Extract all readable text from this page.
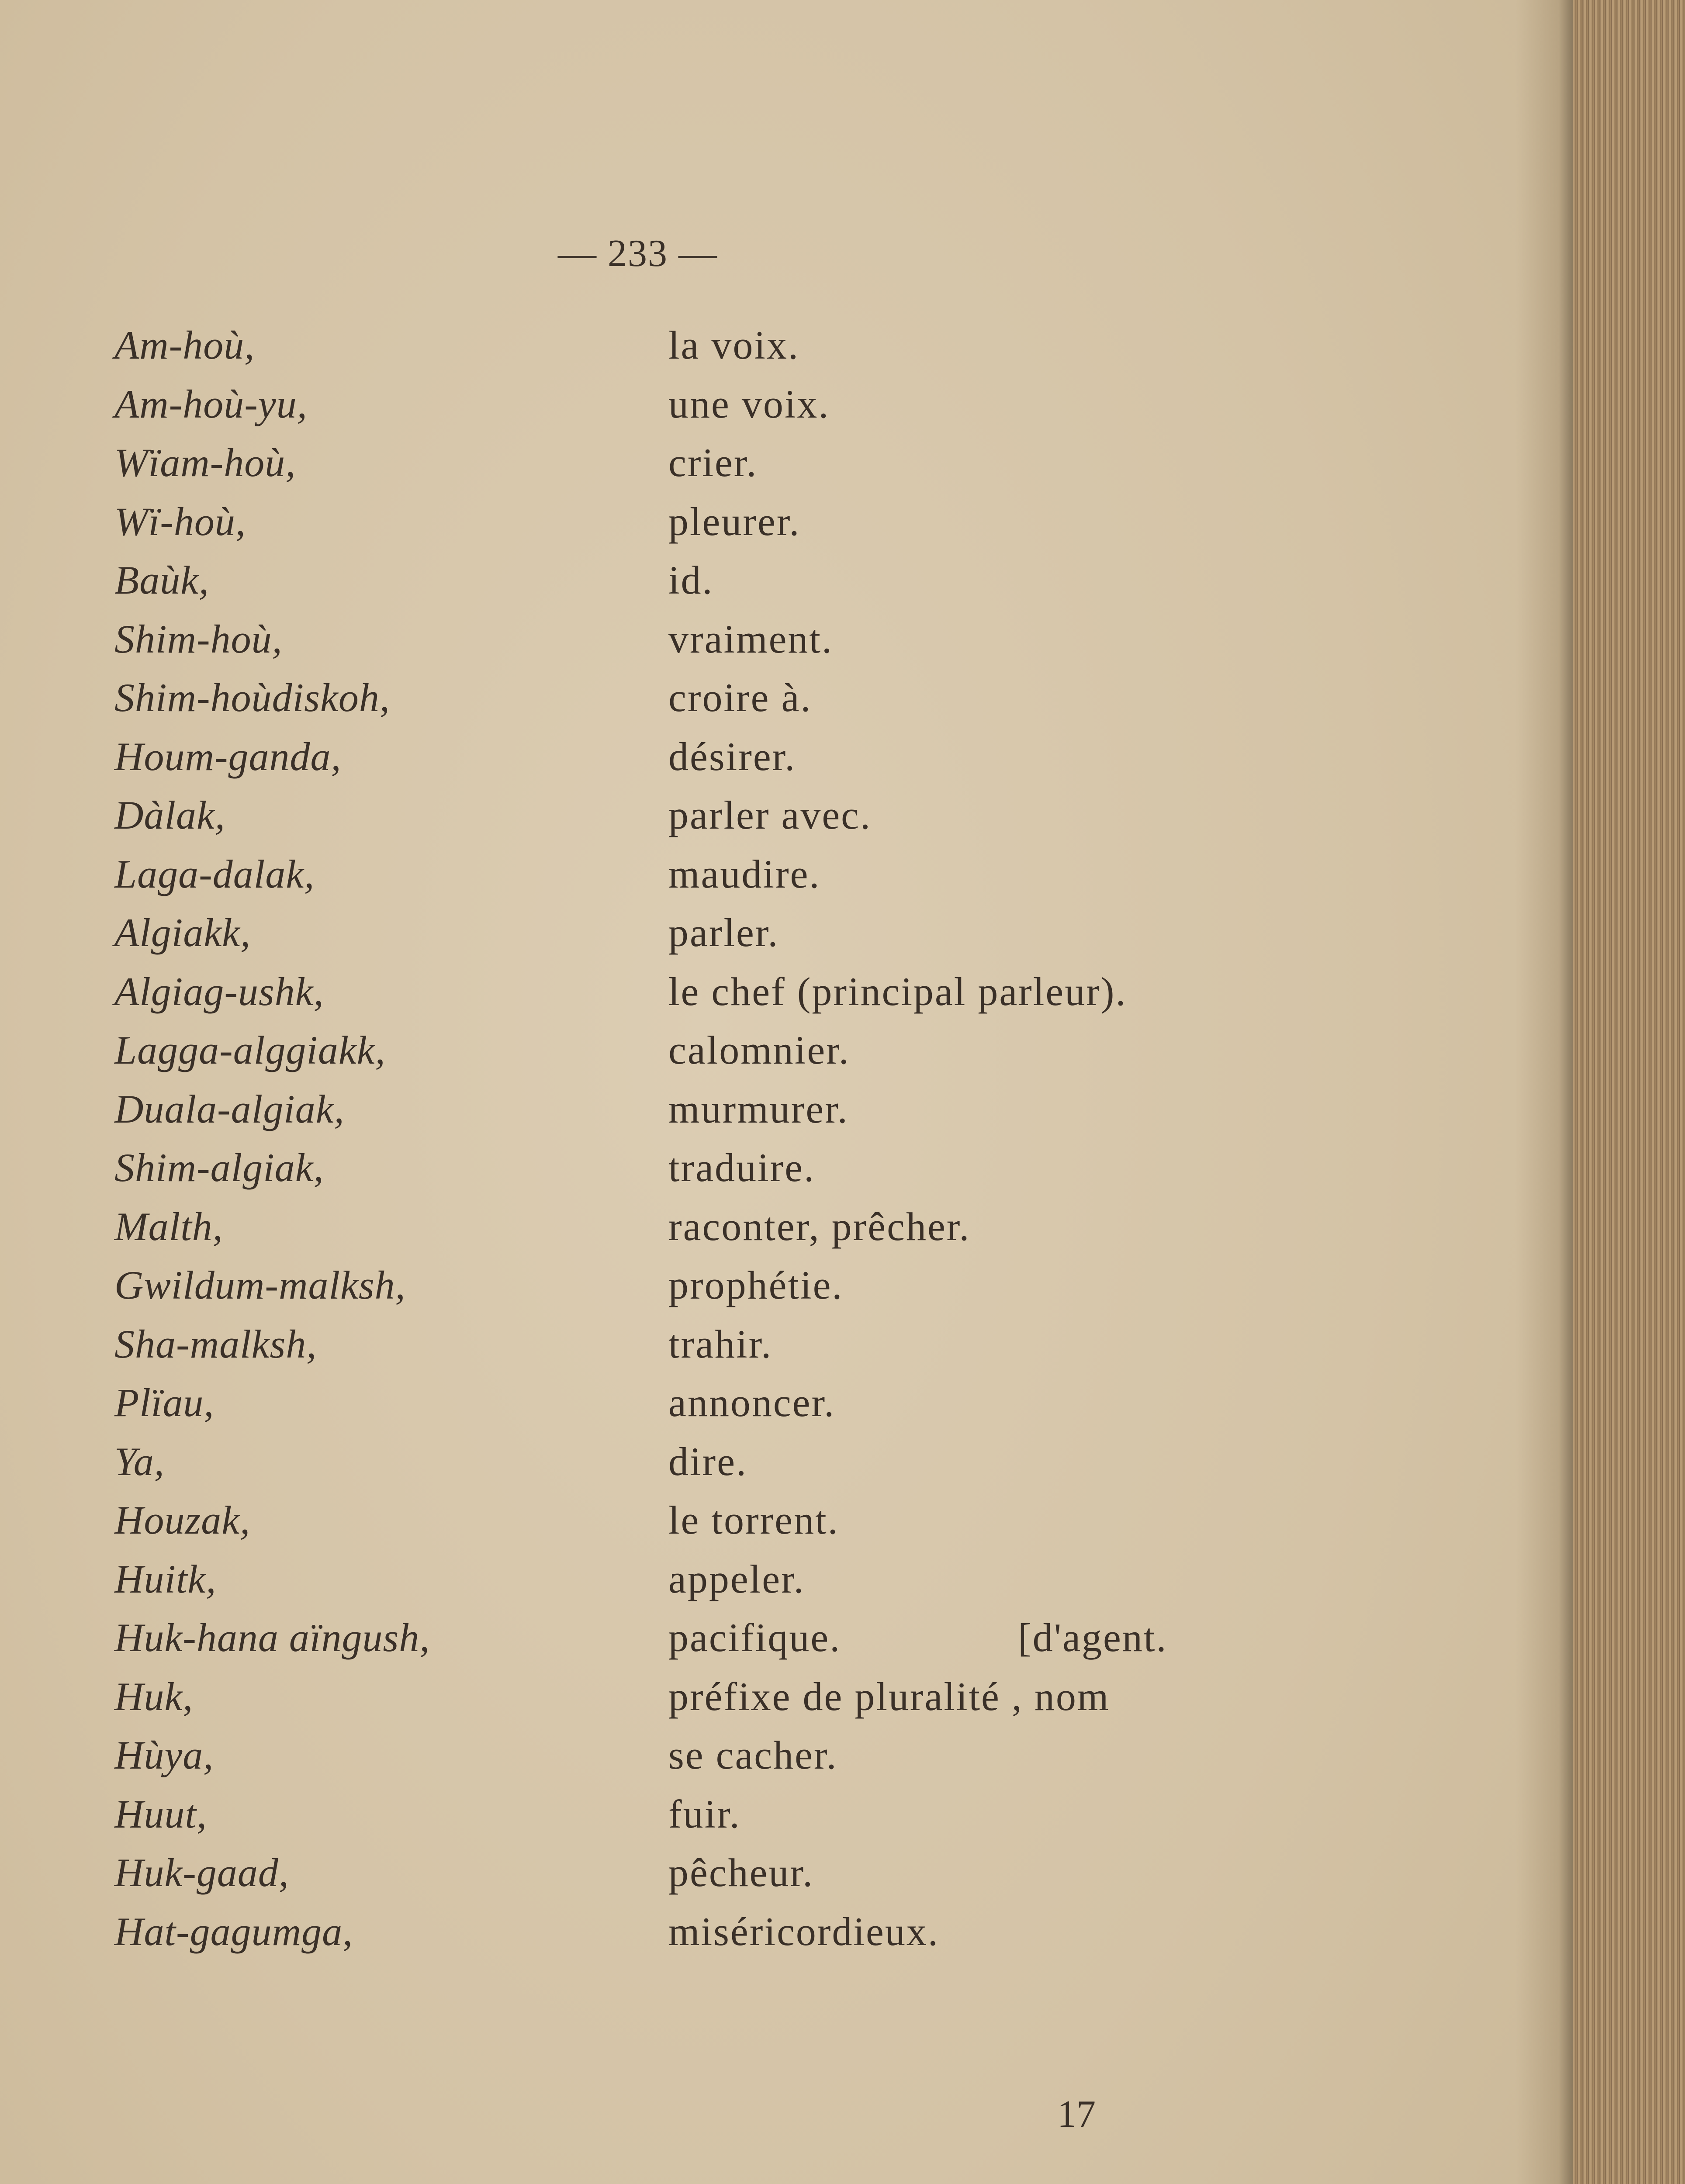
— 233 —
Am-hoù,	la voix.
Am-hoù-yu,	une voix.
Wïam-hoù,	crier.
Wï-hoù,	pleurer.
Baùk,	id.
Shim-hoù,	vraiment.
Shim-hoùdiskoh,	croire à.
Houm-ganda,	désirer.
Dàlak,	parler avec.
Laga-dalak,	maudire.
Algiakk,	parler.
Algiag-ushk,	le chef (principal parleur).
Lagga-alggiakk,	calomnier.
Duala-algiak,	murmurer.
Shim-algiak,	traduire.
Malth,	raconter, prêcher.
Gwildum-malksh,	prophétie.
Sha-malksh,	trahir.
Plïau,	annoncer.
Ya,	dire.
Houzak,	le torrent.
Huitk,	appeler.
Huk-hana aïngush,	pacifique.	[d'agent.
Huk,	préfixe de pluralité , nom
Hùya,	se cacher.
Huut,	fuir.
Huk-gaad,	pêcheur.
Hat-gagumga,	miséricordieux.
17
